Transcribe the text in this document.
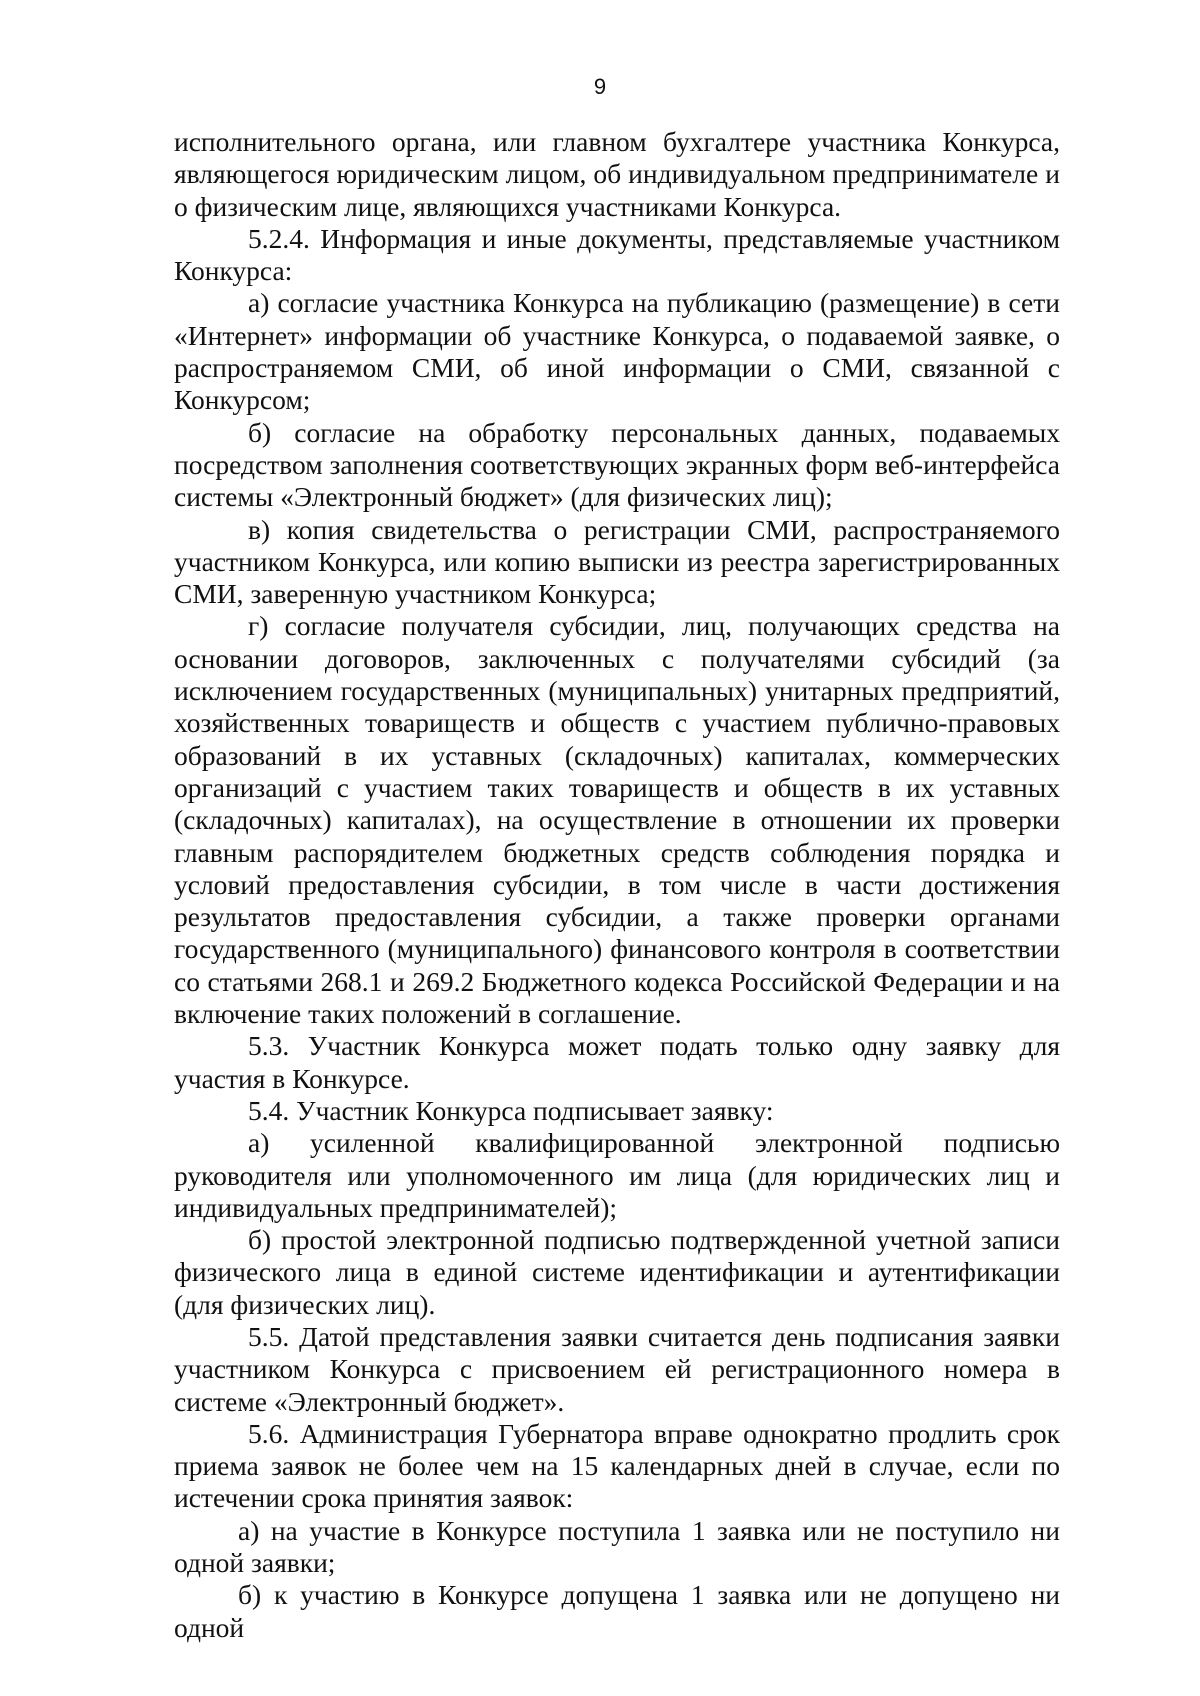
9

исполнительного органа, или главном бухгалтере участника Конкурса, являющегося юридическим лицом, об индивидуальном предпринимателе и о физическим лице, являющихся участниками Конкурса.

5.2.4. Информация и иные документы, представляемые участником Конкурса:

а) согласие участника Конкурса на публикацию (размещение) в сети «Интернет» информации об участнике Конкурса, о подаваемой заявке, о распространяемом СМИ, об иной информации о СМИ, связанной с Конкурсом;

б) согласие на обработку персональных данных, подаваемых посредством заполнения соответствующих экранных форм веб-интерфейса системы «Электронный бюджет» (для физических лиц);

в) копия свидетельства о регистрации СМИ, распространяемого участником Конкурса, или копию выписки из реестра зарегистрированных СМИ, заверенную участником Конкурса;

г) согласие получателя субсидии, лиц, получающих средства на основании договоров, заключенных с получателями субсидий (за исключением государственных (муниципальных) унитарных предприятий, хозяйственных товариществ и обществ с участием публично-правовых образований в их уставных (складочных) капиталах, коммерческих организаций с участием таких товариществ и обществ в их уставных (складочных) капиталах), на осуществление в отношении их проверки главным распорядителем бюджетных средств соблюдения порядка и условий предоставления субсидии, в том числе в части достижения результатов предоставления субсидии, а также проверки органами государственного (муниципального) финансового контроля в соответствии со статьями 268.1 и 269.2 Бюджетного кодекса Российской Федерации и на включение таких положений в соглашение.

5.3. Участник Конкурса может подать только одну заявку для участия в Конкурсе.

5.4. Участник Конкурса подписывает заявку:

а) усиленной квалифицированной электронной подписью руководителя или уполномоченного им лица (для юридических лиц и индивидуальных предпринимателей);

б) простой электронной подписью подтвержденной учетной записи физического лица в единой системе идентификации и аутентификации (для физических лиц).

5.5. Датой представления заявки считается день подписания заявки участником Конкурса с присвоением ей регистрационного номера в системе «Электронный бюджет».

5.6. Администрация Губернатора вправе однократно продлить срок приема заявок не более чем на 15 календарных дней в случае, если по истечении срока принятия заявок:

а) на участие в Конкурсе поступила 1 заявка или не поступило ни одной заявки;

б) к участию в Конкурсе допущена 1 заявка или не допущено ни одной
